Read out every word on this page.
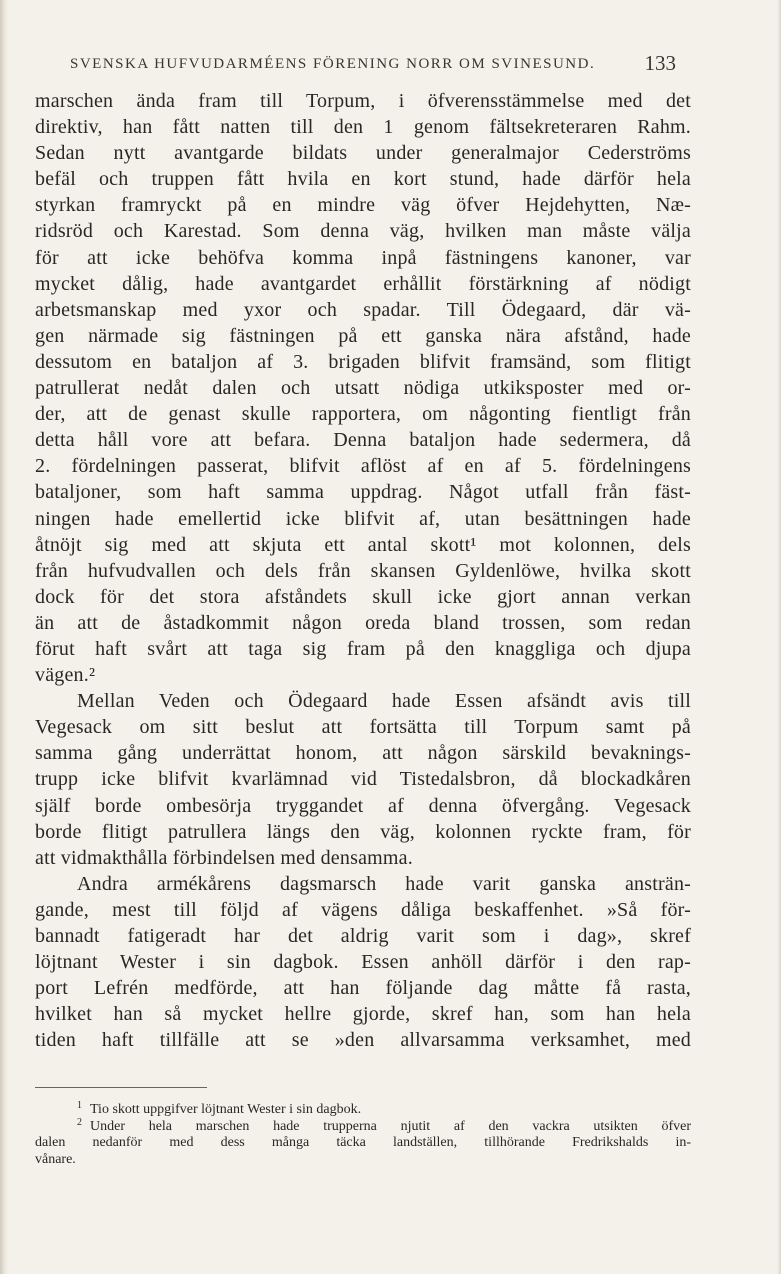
SVENSKA HUFVUDARMÉENS FÖRENING NORR OM SVINESUND.	133
marschen ända fram till Torpum, i öfverensstämmelse med det
direktiv, han fått natten till den 1 genom fältsekreteraren Rahm.
Sedan nytt avantgarde bildats under generalmajor Cederströms
befäl och truppen fått hvila en kort stund, hade därför hela
styrkan framryckt på en mindre väg öfver Hejdehytten, Næ-
ridsröd och Karestad. Som denna väg, hvilken man måste välja
för att icke behöfva komma inpå fästningens kanoner, var
mycket dålig, hade avantgardet erhållit förstärkning af nödigt
arbetsmanskap med yxor och spadar. Till Ödegaard, där vä-
gen närmade sig fästningen på ett ganska nära afstånd, hade
dessutom en bataljon af 3. brigaden blifvit framsänd, som flitigt
patrullerat nedåt dalen och utsatt nödiga utkiksposter med or-
der, att de genast skulle rapportera, om någonting fientligt från
detta håll vore att befara. Denna bataljon hade sedermera, då
2. fördelningen passerat, blifvit aflöst af en af 5. fördelningens
bataljoner, som haft samma uppdrag. Något utfall från fäst-
ningen hade emellertid icke blifvit af, utan besättningen hade
åtnöjt sig med att skjuta ett antal skott¹ mot kolonnen, dels
från hufvudvallen och dels från skansen Gyldenlöwe, hvilka skott
dock för det stora afståndets skull icke gjort annan verkan
än att de åstadkommit någon oreda bland trossen, som redan
förut haft svårt att taga sig fram på den knaggliga och djupa
vägen.²
Mellan Veden och Ödegaard hade Essen afsändt avis till
Vegesack om sitt beslut att fortsätta till Torpum samt på
samma gång underrättat honom, att någon särskild bevaknings-
trupp icke blifvit kvarlämnad vid Tistedalsbron, då blockadkåren
själf borde ombesörja tryggandet af denna öfvergång. Vegesack
borde flitigt patrullera längs den väg, kolonnen ryckte fram, för
att vidmakthålla förbindelsen med densamma.
Andra armékårens dagsmarsch hade varit ganska ansträn-
gande, mest till följd af vägens dåliga beskaffenhet. »Så för-
bannadt fatigeradt har det aldrig varit som i dag», skref
löjtnant Wester i sin dagbok. Essen anhöll därför i den rap-
port Lefrén medförde, att han följande dag måtte få rasta,
hvilket han så mycket hellre gjorde, skref han, som han hela
tiden haft tillfälle att se »den allvarsamma verksamhet, med
$^1$ Tio skott uppgifver löjtnant Wester i sin dagbok.
$^2$ Under hela marschen hade trupperna njutit af den vackra utsikten öfver
dalen nedanför med dess många täcka landställen, tillhörande Fredrikshalds in-
vånare.
